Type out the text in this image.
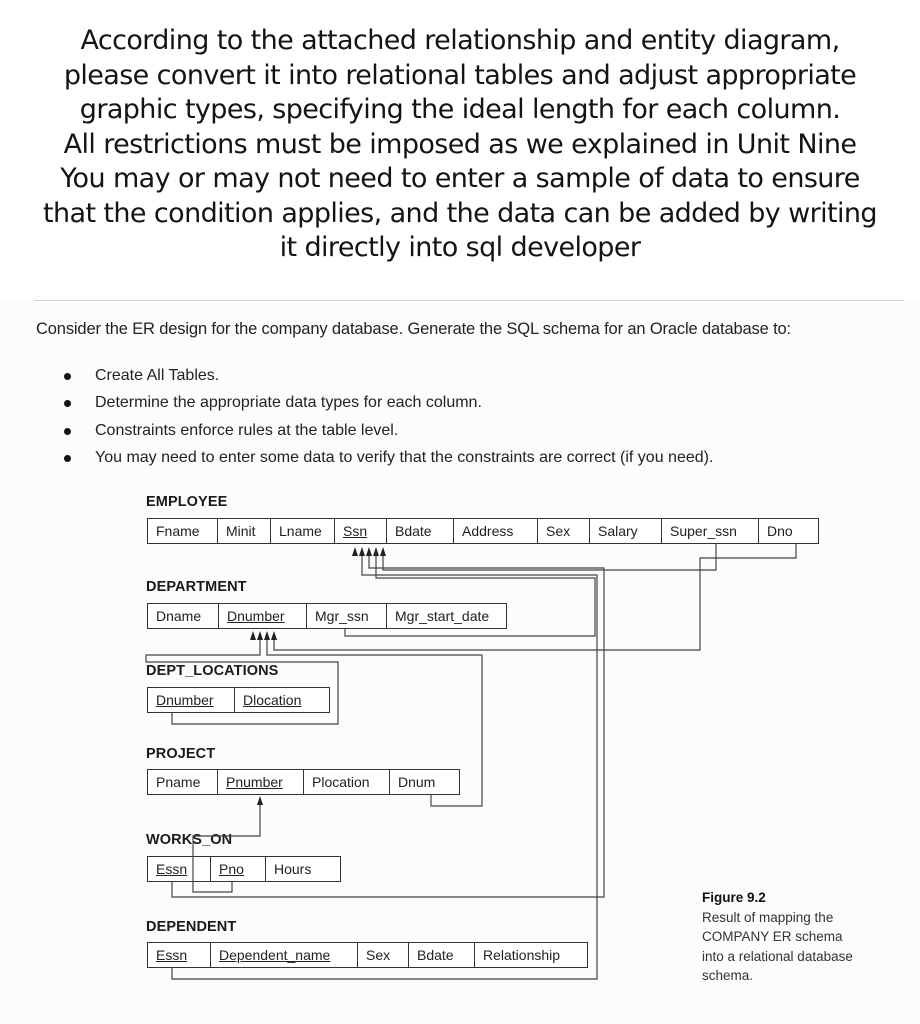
According to the attached relationship and entity diagram,
please convert it into relational tables and adjust appropriate
graphic types, specifying the ideal length for each column.
All restrictions must be imposed as we explained in Unit Nine
You may or may not need to enter a sample of data to ensure
that the condition applies, and the data can be added by writing
it directly into sql developer
Consider the ER design for the company database. Generate the SQL schema for an Oracle database to:
Create All Tables.
Determine the appropriate data types for each column.
Constraints enforce rules at the table level.
You may need to enter some data to verify that the constraints are correct (if you need).
EMPLOYEE
Fname	Minit	Lname	Ssn	Bdate	Address	Sex	Salary	Super_ssn	Dno
DEPARTMENT
Dname	Dnumber	Mgr_ssn	Mgr_start_date
DEPT_LOCATIONS
Dnumber	Dlocation
PROJECT
Pname	Pnumber	Plocation	Dnum
WORKS_ON
Essn	Pno	Hours
DEPENDENT
Essn	Dependent_name	Sex	Bdate	Relationship
Figure 9.2
Result of mapping the
COMPANY ER schema
into a relational database
schema.
